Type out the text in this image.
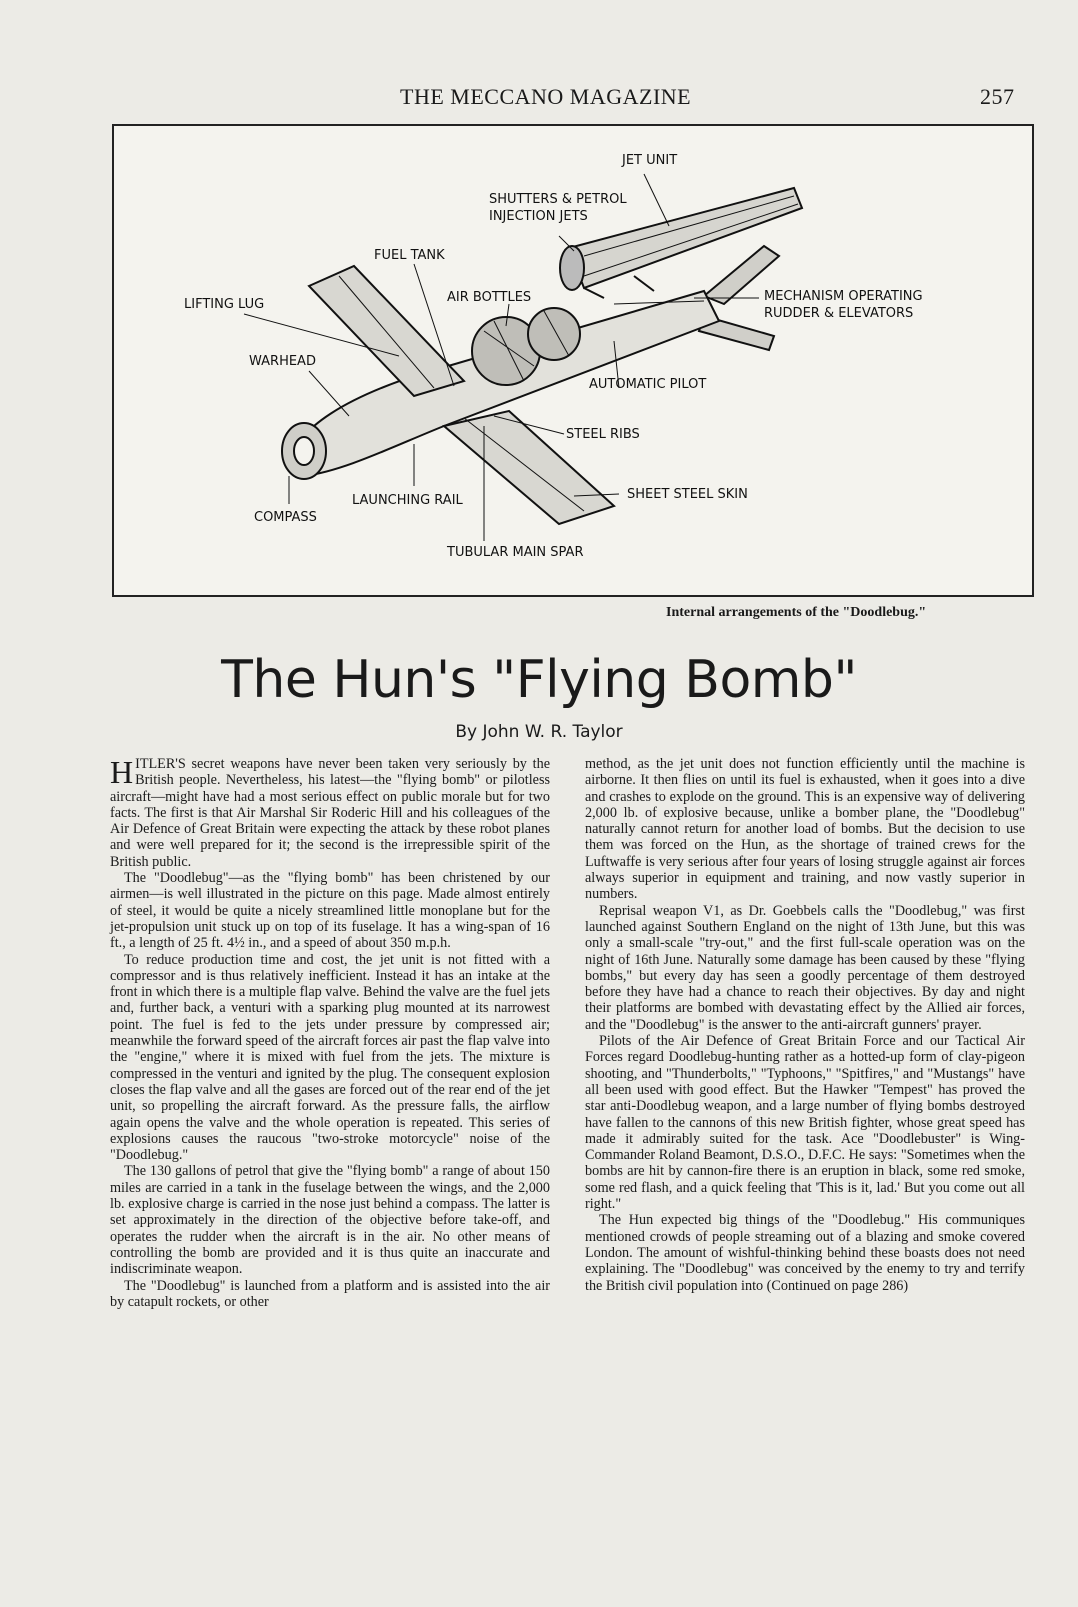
THE MECCANO MAGAZINE	257
JET UNIT
SHUTTERS & PETROL
INJECTION JETS
FUEL TANK
LIFTING LUG	AIR BOTTLES	MECHANISM OPERATING
RUDDER & ELEVATORS
WARHEAD
AUTOMATIC PILOT
STEEL RIBS
SHEET STEEL SKIN
LAUNCHING RAIL
COMPASS
TUBULAR MAIN SPAR
Internal arrangements of the "Doodlebug."
The Hun's "Flying Bomb"
By John W. R. Taylor

HITLER'S secret weapons have never been taken very seriously by the British people. Nevertheless, his latest—the "flying bomb" or pilotless aircraft—might have had a most serious effect on public morale but for two facts. The first is that Air Marshal Sir Roderic Hill and his colleagues of the Air Defence of Great Britain were expecting the attack by these robot planes and were well prepared for it; the second is the irrepressible spirit of the British public.

The "Doodlebug"—as the "flying bomb" has been christened by our airmen—is well illustrated in the picture on this page. Made almost entirely of steel, it would be quite a nicely streamlined little monoplane but for the jet-propulsion unit stuck up on top of its fuselage. It has a wing-span of 16 ft., a length of 25 ft. 4½ in., and a speed of about 350 m.p.h.

To reduce production time and cost, the jet unit is not fitted with a compressor and is thus relatively inefficient. Instead it has an intake at the front in which there is a multiple flap valve. Behind the valve are the fuel jets and, further back, a venturi with a sparking plug mounted at its narrowest point. The fuel is fed to the jets under pressure by compressed air; meanwhile the forward speed of the aircraft forces air past the flap valve into the "engine," where it is mixed with fuel from the jets. The mixture is compressed in the venturi and ignited by the plug. The consequent explosion closes the flap valve and all the gases are forced out of the rear end of the jet unit, so propelling the aircraft forward. As the pressure falls, the airflow again opens the valve and the whole operation is repeated. This series of explosions causes the raucous "two-stroke motorcycle" noise of the "Doodlebug."

The 130 gallons of petrol that give the "flying bomb" a range of about 150 miles are carried in a tank in the fuselage between the wings, and the 2,000 lb. explosive charge is carried in the nose just behind a compass. The latter is set approximately in the direction of the objective before take-off, and operates the rudder when the aircraft is in the air. No other means of controlling the bomb are provided and it is thus quite an inaccurate and indiscriminate weapon.

The "Doodlebug" is launched from a platform and is assisted into the air by catapult rockets, or other

method, as the jet unit does not function efficiently until the machine is airborne. It then flies on until its fuel is exhausted, when it goes into a dive and crashes to explode on the ground. This is an expensive way of delivering 2,000 lb. of explosive because, unlike a bomber plane, the "Doodlebug" naturally cannot return for another load of bombs. But the decision to use them was forced on the Hun, as the shortage of trained crews for the Luftwaffe is very serious after four years of losing struggle against air forces always superior in equipment and training, and now vastly superior in numbers.

Reprisal weapon V1, as Dr. Goebbels calls the "Doodlebug," was first launched against Southern England on the night of 13th June, but this was only a small-scale "try-out," and the first full-scale operation was on the night of 16th June. Naturally some damage has been caused by these "flying bombs," but every day has seen a goodly percentage of them destroyed before they have had a chance to reach their objectives. By day and night their platforms are bombed with devastating effect by the Allied air forces, and the "Doodlebug" is the answer to the anti-aircraft gunners' prayer.

Pilots of the Air Defence of Great Britain Force and our Tactical Air Forces regard Doodlebug-hunting rather as a hotted-up form of clay-pigeon shooting, and "Thunderbolts," "Typhoons," "Spitfires," and "Mustangs" have all been used with good effect. But the Hawker "Tempest" has proved the star anti-Doodlebug weapon, and a large number of flying bombs destroyed have fallen to the cannons of this new British fighter, whose great speed has made it admirably suited for the task. Ace "Doodlebuster" is Wing-Commander Roland Beamont, D.S.O., D.F.C. He says: "Sometimes when the bombs are hit by cannon-fire there is an eruption in black, some red smoke, some red flash, and a quick feeling that 'This is it, lad.' But you come out all right."

The Hun expected big things of the "Doodlebug." His communiques mentioned crowds of people streaming out of a blazing and smoke covered London. The amount of wishful-thinking behind these boasts does not need explaining. The "Doodlebug" was conceived by the enemy to try and terrify the British civil population into (Continued on page 286)
